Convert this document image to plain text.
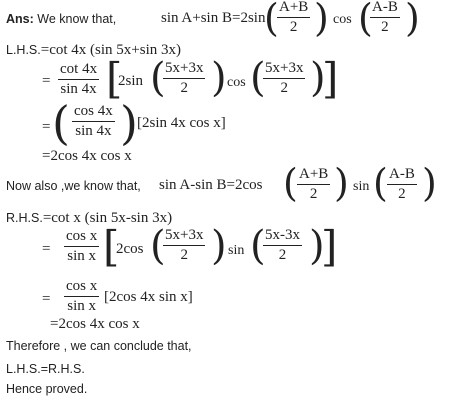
Ans: We know that,	sin A+sin B=2sin
( A+B
2 ) cos ( A-B
2 )
L.H.S.=cot 4x (sin 5x+sin 3x)
=
cot 4x
sin 4x [
2sin ( 5x+3x
2 ) cos ( 5x+3x
2 )
]
= ( cos 4x
sin 4x ) [2sin 4x cos x]
=2cos 4x cos x
Now also ,we know that, sin A-sin B=2cos ( A+B
2 ) sin ( A-B
2 )
R.H.S.=cot x (sin 5x-sin 3x)
=
cos x
sin x [
2cos ( 5x+3x
2 ) sin ( 5x-3x
2 )
]
=
cos x
sin x
[2cos 4x sin x]
=2cos 4x cos x
Therefore , we can conclude that,
L.H.S.=R.H.S.
Hence proved.
